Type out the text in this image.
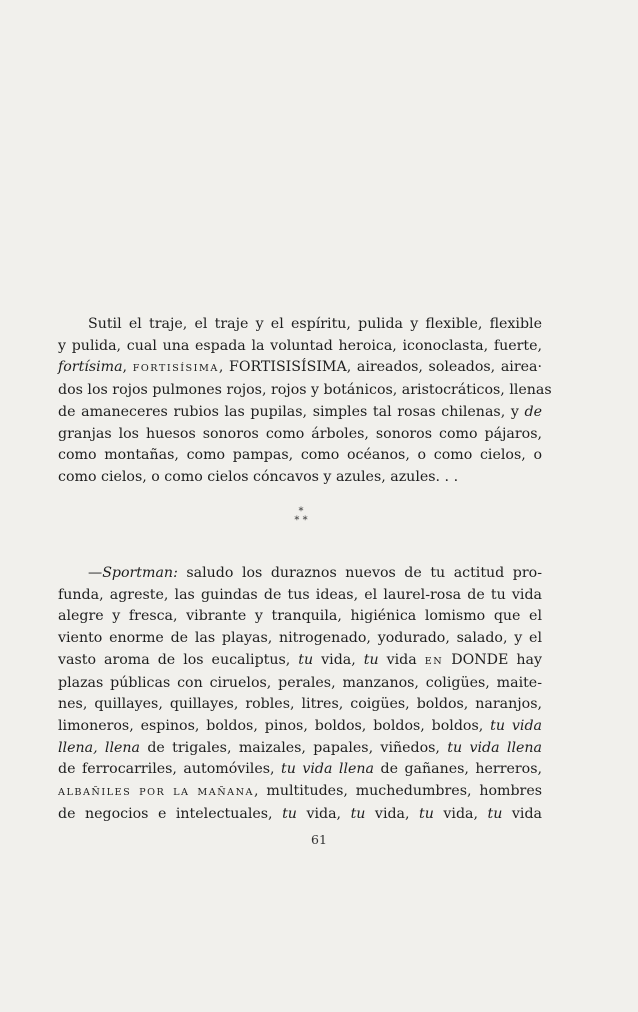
Sutil el traje, el traje y el espíritu, pulida y flexible, flexible
y pulida, cual una espada la voluntad heroica, iconoclasta, fuerte,
fortísima, FORTISÍSIMA, FORTISISÍSIMA, aireados, soleados, airea·
dos los rojos pulmones rojos, rojos y botánicos, aristocráticos, llenas
de amaneceres rubios las pupilas, simples tal rosas chilenas, y de
granjas los huesos sonoros como árboles, sonoros como pájaros,
como montañas, como pampas, como océanos, o como cielos, o
como cielos, o como cielos cóncavos y azules, azules. . .
*
* *
—Sportman: saludo los duraznos nuevos de tu actitud pro-
funda, agreste, las guindas de tus ideas, el laurel-rosa de tu vida
alegre y fresca, vibrante y tranquila, higiénica lomismo que el
viento enorme de las playas, nitrogenado, yodurado, salado, y el
vasto aroma de los eucaliptus, tu vida, tu vida EN DONDE hay
plazas públicas con ciruelos, perales, manzanos, coligües, maite-
nes, quillayes, quillayes, robles, litres, coigües, boldos, naranjos,
limoneros, espinos, boldos, pinos, boldos, boldos, boldos, tu vida
llena, llena de trigales, maizales, papales, viñedos, tu vida llena
de ferrocarriles, automóviles, tu vida llena de gañanes, herreros,
ALBAÑILES POR LA MAÑANA, multitudes, muchedumbres, hombres
de negocios e intelectuales, tu vida, tu vida, tu vida, tu vida
61
